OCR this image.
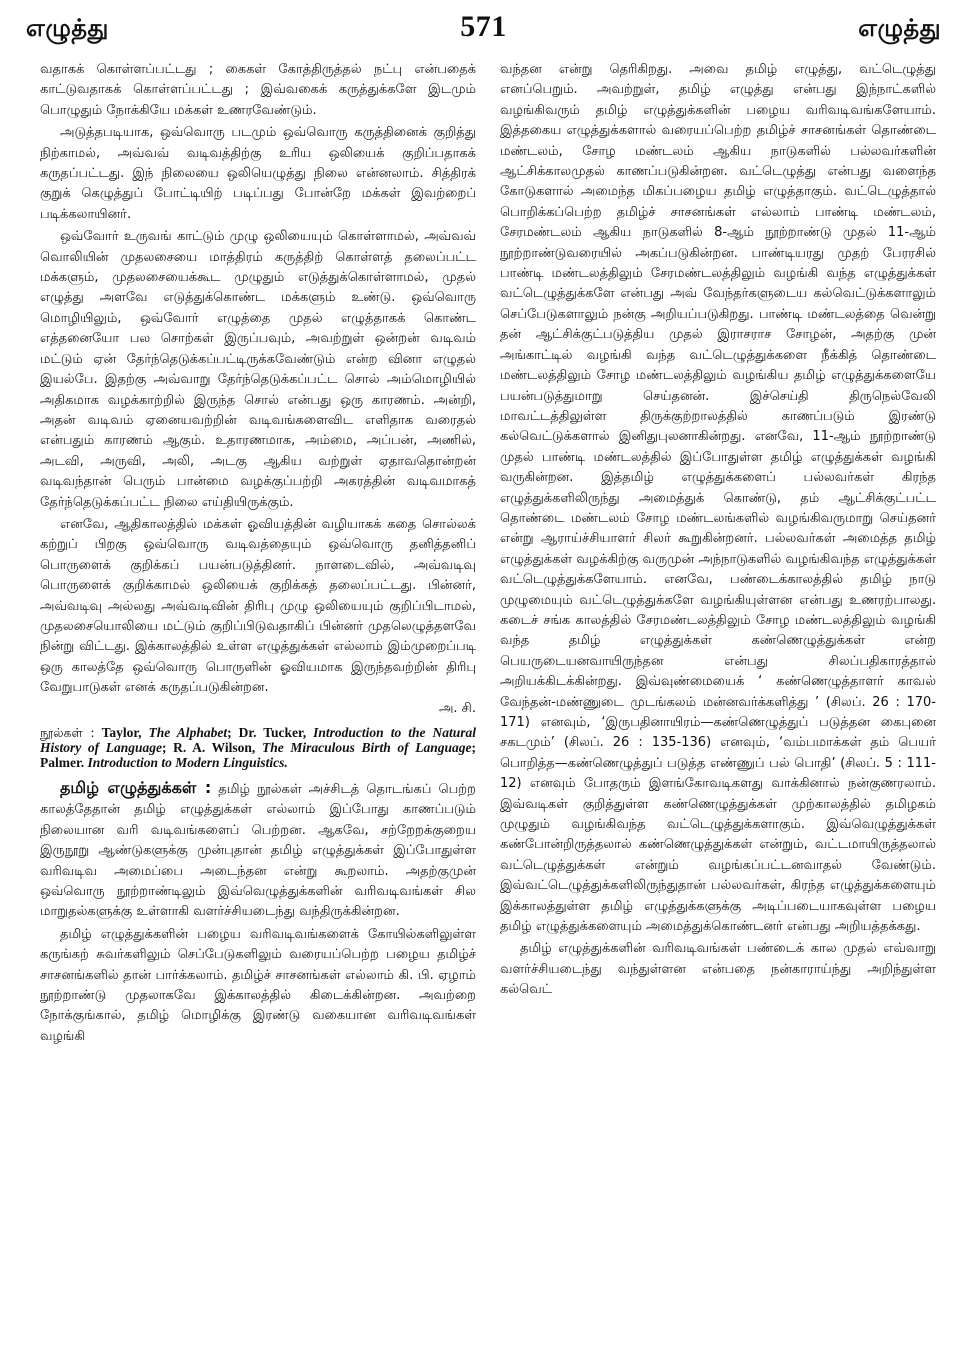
571
எழுத்து	எழுத்து

வதாகக் கொள்ளப்பட்டது ; கைகள் கோத்திருத்தல் நட்பு என்பதைக் காட்டுவதாகக் கொள்ளப்பட்டது ; இவ்வகைக் கருத்துக்களே இடமும் பொழுதும் நோக்கியே மக்கள் உணரவேண்டும்.

அடுத்தபடியாக, ஒவ்வொரு படமும் ஒவ்வொரு கருத்தினைக் குறித்து நிற்காமல், அவ்வவ் வடிவத்திற்கு உரிய ஒலியைக் குறிப்பதாகக் கருதப்பட்டது. இந் நிலையை ஒலியெழுத்து நிலை என்னலாம். சித்திரக் குறுக் கெழுத்துப் போட்டியிற் படிப்பது போன்றே மக்கள் இவற்றைப் படிக்கலாயினர்.

ஒவ்வோர் உருவங் காட்டும் முழு ஒலியையும் கொள்ளாமல், அவ்வவ் வொலியின் முதலசையை மாத்திரம் கருத்திற் கொள்ளத் தலைப்பட்ட மக்களும், முதலசையைக்கூட முழுதும் எடுத்துக்கொள்ளாமல், முதல் எழுத்து அளவே எடுத்துக்கொண்ட மக்களும் உண்டு. ஒவ்வொரு மொழியிலும், ஒவ்வோர் எழுத்தை முதல் எழுத்தாகக் கொண்ட எத்தனையோ பல சொற்கள் இருப்பவும், அவற்றுள் ஒன்றன் வடிவம் மட்டும் ஏன் தேர்ந்தெடுக்கப்பட்டிருக்கவேண்டும் என்ற வினா எழுதல் இயல்பே. இதற்கு அவ்வாறு தேர்ந்தெடுக்கப்பட்ட சொல் அம்மொழியில் அதிகமாக வழக்காற்றில் இருந்த சொல் என்பது ஒரு காரணம். அன்றி, அதன் வடிவம் ஏனையவற்றின் வடிவங்களைவிட எளிதாக வரைதல் என்பதும் காரணம் ஆகும். உதாரணமாக, அம்மை, அப்பன், அணில், அடவி, அருவி, அலி, அடகு ஆகிய வற்றுள் ஏதாவதொன்றன் வடிவந்தான் பெரும் பான்மை வழக்குப்பற்றி அகரத்தின் வடிவமாகத் தேர்ந்தெடுக்கப்பட்ட நிலை எய்தியிருக்கும்.

எனவே, ஆதிகாலத்தில் மக்கள் ஓவியத்தின் வழியாகக் கதை சொல்லக் கற்றுப் பிறகு ஒவ்வொரு வடிவத்தையும் ஒவ்வொரு தனித்தனிப் பொருளைக் குறிக்கப் பயன்படுத்தினர். நாளடைவில், அவ்வடிவு பொருளைக் குறிக்காமல் ஒலியைக் குறிக்கத் தலைப்பட்டது. பின்னர், அவ்வடிவு அல்லது அவ்வடிவின் திரிபு முழு ஒலியையும் குறிப்பிடாமல், முதலசையொலியை மட்டும் குறிப்பிடுவதாகிப் பின்னர் முதலெழுத்தளவே நின்று விட்டது. இக்காலத்தில் உள்ள எழுத்துக்கள் எல்லாம் இம்முறைப்படி ஒரு காலத்தே ஒவ்வொரு பொருளின் ஓவியமாக இருந்தவற்றின் திரிபு வேறுபாடுகள் எனக் கருதப்படுகின்றன.

அ. சி.

நூல்கள் : Taylor, The Alphabet; Dr. Tucker, Introduction to the Natural History of Language; R. A. Wilson, The Miraculous Birth of Language; Palmer. Introduction to Modern Linguistics.

தமிழ் எழுத்துக்கள் : தமிழ் நூல்கள் அச்சிடத் தொடங்கப் பெற்ற காலத்தேதான் தமிழ் எழுத்துக்கள் எல்லாம் இப்போது காணப்படும் நிலையான வரி வடிவங்களைப் பெற்றன. ஆகவே, சற்றேறக்குறைய இருநூறு ஆண்டுகளுக்கு முன்புதான் தமிழ் எழுத்துக்கள் இப்போதுள்ள வரிவடிவ அமைப்பை அடைந்தன என்று கூறலாம். அதற்குமுன் ஒவ்வொரு நூற்றாண்டிலும் இவ்வெழுத்துக்களின் வரிவடிவங்கள் சில மாறுதல்களுக்கு உள்ளாகி வளர்ச்சியடைந்து வந்திருக்கின்றன.

தமிழ் எழுத்துக்களின் பழைய வரிவடிவங்களைக் கோயில்களிலுள்ள கருங்கற் சுவர்களிலும் செப்பேடுகளிலும் வரையப்பெற்ற பழைய தமிழ்ச் சாசனங்களில் தான் பார்க்கலாம். தமிழ்ச் சாசனங்கள் எல்லாம் கி. பி. ஏழாம் நூற்றாண்டு முதலாகவே இக்காலத்தில் கிடைக்கின்றன. அவற்றை நோக்குங்கால், தமிழ் மொழிக்கு இரண்டு வகையான வரிவடிவங்கள் வழங்கி

வந்தன என்று தெரிகிறது. அவை தமிழ் எழுத்து, வட்டெழுத்து எனப்பெறும். அவற்றுள், தமிழ் எழுத்து என்பது இந்நாட்களில் வழங்கிவரும் தமிழ் எழுத்துக்களின் பழைய வரிவடிவங்களேயாம். இத்தகைய எழுத்துக்களால் வரையப்பெற்ற தமிழ்ச் சாசனங்கள் தொண்டை மண்டலம், சோழ மண்டலம் ஆகிய நாடுகளில் பல்லவர்களின் ஆட்சிக்காலமுதல் காணப்படுகின்றன. வட்டெழுத்து என்பது வளைந்த கோடுகளால் அமைந்த மிகப்பழைய தமிழ் எழுத்தாகும். வட்டெழுத்தால் பொறிக்கப்பெற்ற தமிழ்ச் சாசனங்கள் எல்லாம் பாண்டி மண்டலம், சேரமண்டலம் ஆகிய நாடுகளில் 8-ஆம் நூற்றாண்டு முதல் 11-ஆம் நூற்றாண்டுவரையில் அகப்படுகின்றன. பாண்டியரது முதற் பேரரசில் பாண்டி மண்டலத்திலும் சேரமண்டலத்திலும் வழங்கி வந்த எழுத்துக்கள் வட்டெழுத்துக்களே என்பது அவ் வேந்தர்களுடைய கல்வெட்டுக்களாலும் செப்பேடுகளாலும் நன்கு அறியப்படுகிறது. பாண்டி மண்டலத்தை வென்று தன் ஆட்சிக்குட்படுத்திய முதல் இராசராச சோழன், அதற்கு முன் அங்காட்டில் வழங்கி வந்த வட்டெழுத்துக்களை நீக்கித் தொண்டை மண்டலத்திலும் சோழ மண்டலத்திலும் வழங்கிய தமிழ் எழுத்துக்களையே பயன்படுத்துமாறு செய்தனன். இச்செய்தி திருநெல்வேலி மாவட்டத்திலுள்ள திருக்குற்றாலத்தில் காணப்படும் இரண்டு கல்வெட்டுக்களால் இனிதுபுலனாகின்றது. எனவே, 11-ஆம் நூற்றாண்டு முதல் பாண்டி மண்டலத்தில் இப்போதுள்ள தமிழ் எழுத்துக்கள் வழங்கி வருகின்றன. இத்தமிழ் எழுத்துக்களைப் பல்லவர்கள் கிரந்த எழுத்துக்களிலிருந்து அமைத்துக் கொண்டு, தம் ஆட்சிக்குட்பட்ட தொண்டை மண்டலம் சோழ மண்டலங்களில் வழங்கிவருமாறு செய்தனர் என்று ஆராய்ச்சியாளர் சிலர் கூறுகின்றனர். பல்லவர்கள் அமைத்த தமிழ் எழுத்துக்கள் வழக்கிற்கு வருமுன் அந்நாடுகளில் வழங்கிவந்த எழுத்துக்கள் வட்டெழுத்துக்களேயாம். எனவே, பண்டைக்காலத்தில் தமிழ் நாடு முழுமையும் வட்டெழுத்துக்களே வழங்கியுள்ளன என்பது உணரற்பாலது. கடைச் சங்க காலத்தில் சேரமண்டலத்திலும் சோழ மண்டலத்திலும் வழங்கி வந்த தமிழ் எழுத்துக்கள் கண்ணெழுத்துக்கள் என்ற பெயருடையனவாயிருந்தன என்பது சிலப்பதிகாரத்தால் அறியக்கிடக்கின்றது. இவ்வுண்மையைக் ‘ கண்ணெழுத்தாளர் காவல் வேந்தன்-மண்ணுடை முடங்கலம் மன்னவர்க்களித்து ’ (சிலப். 26 : 170-171) எனவும், ‘இருபதினாயிரம்—கண்ணெழுத்துப் படுத்தன கைபுனை சகடமும்’ (சிலப். 26 : 135-136) எனவும், ‘வம்பமாக்கள் தம் பெயர் பொறித்த—கண்ணெழுத்துப் படுத்த எண்ணுப் பல் பொதி’ (சிலப். 5 : 111-12) எனவும் போதரும் இளங்கோவடிகளது வாக்கினால் நன்குணரலாம். இவ்வடிகள் குறித்துள்ள கண்ணெழுத்துக்கள் முற்காலத்தில் தமிழகம் முழுதும் வழங்கிவந்த வட்டெழுத்துக்களாகும். இவ்வெழுத்துக்கள் கண்போன்றிருத்தலால் கண்ணெழுத்துக்கள் என்றும், வட்டமாயிருத்தலால் வட்டெழுத்துக்கள் என்றும் வழங்கப்பட்டனவாதல் வேண்டும். இவ்வட்டெழுத்துக்களிலிருந்துதான் பல்லவர்கள், கிரந்த எழுத்துக்களையும் இக்காலத்துள்ள தமிழ் எழுத்துக்களுக்கு அடிப்படையாகவுள்ள பழைய தமிழ் எழுத்துக்களையும் அமைத்துக்கொண்டனர் என்பது அறியத்தக்கது.

தமிழ் எழுத்துக்களின் வரிவடிவங்கள் பண்டைக் கால முதல் எவ்வாறு வளர்ச்சியடைந்து வந்துள்ளன என்பதை நன்காராய்ந்து அறிந்துள்ள கல்வெட்
